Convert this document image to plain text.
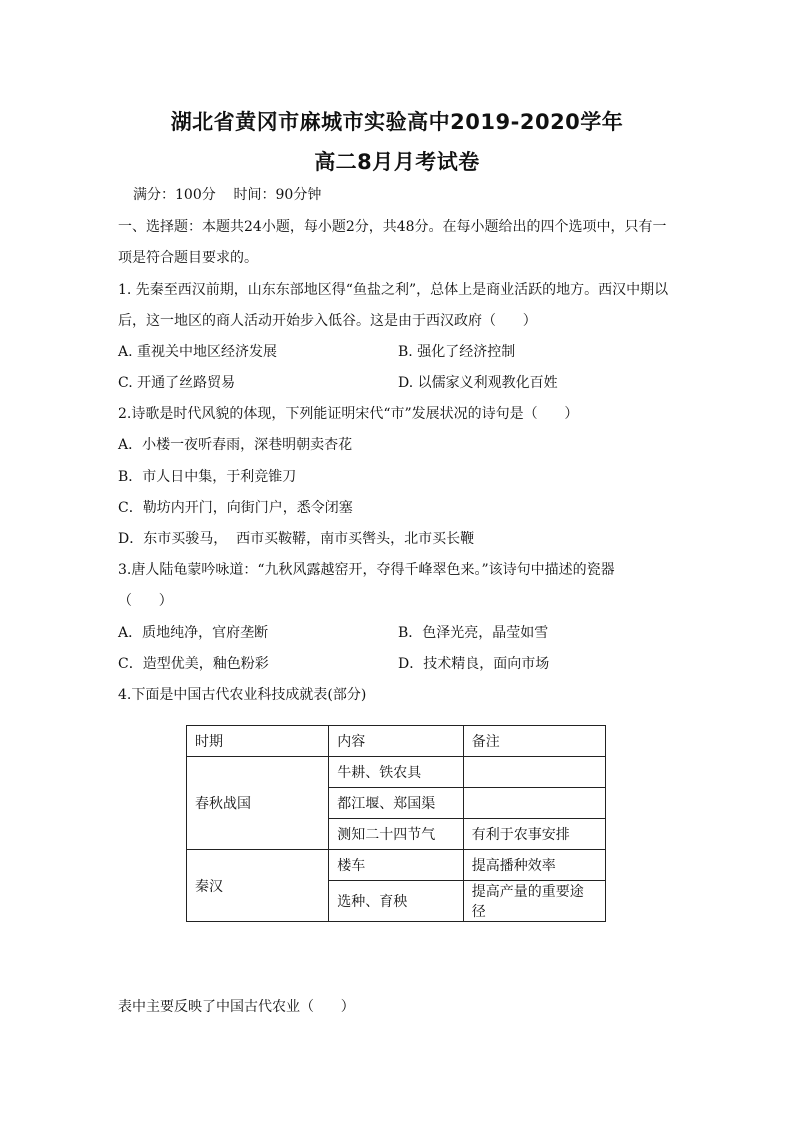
湖北省黄冈市麻城市实验高中2019-2020学年
高二8月月考试卷
满分：100分    时间：90分钟
一、选择题：本题共24小题，每小题2分，共48分。在每小题给出的四个选项中，只有一
项是符合题目要求的。
1. 先秦至西汉前期，山东东部地区得“鱼盐之利”，总体上是商业活跃的地方。西汉中期以
后，这一地区的商人活动开始步入低谷。这是由于西汉政府（      ）
A. 重视关中地区经济发展	B. 强化了经济控制
C. 开通了丝路贸易	D. 以儒家义利观教化百姓
2.诗歌是时代风貌的体现，下列能证明宋代“市”发展状况的诗句是（      ）
A．小楼一夜听春雨，深巷明朝卖杏花
B．市人日中集，于利竞锥刀
C．勒坊内开门，向街门户，悉令闭塞
D．东市买骏马，  西市买鞍鞯，南市买辔头，北市买长鞭
3.唐人陆龟蒙吟咏道：“九秋风露越窑开，夺得千峰翠色来。”该诗句中描述的瓷器
（      ）
A．质地纯净，官府垄断	B．色泽光亮，晶莹如雪
C．造型优美，釉色粉彩	D．技术精良，面向市场
4.下面是中国古代农业科技成就表(部分)
时期	内容	备注
春秋战国	牛耕、铁农具	
	都江堰、郑国渠	
	测知二十四节气	有利于农事安排
秦汉	楼车	提高播种效率
	选种、育秧	提高产量的重要途径
表中主要反映了中国古代农业（      ）
